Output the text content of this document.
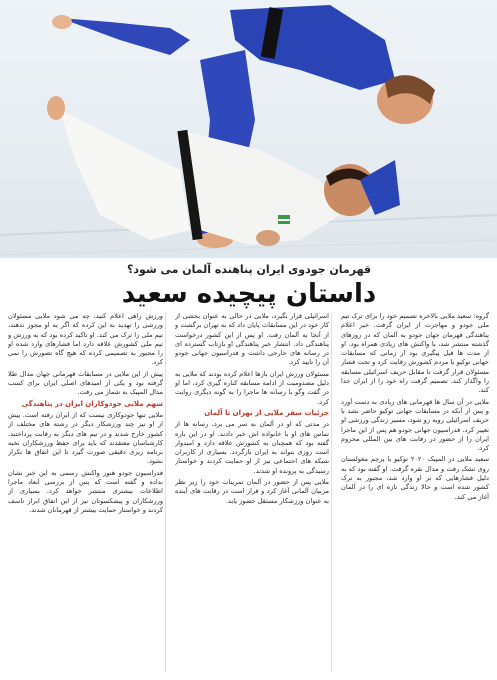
قهرمان جودوی ایران پناهنده آلمان می شود؟
داستان پیچیده سعید

گروه: سعید ملایی بالاخره تصمیم خود را برای ترک تیم ملی جودو و مهاجرت از ایران گرفت. خبر اعلام پناهندگی قهرمان جهان جودو به آلمان که در روزهای گذشته منتشر شد، با واکنش های زیادی همراه بود. او از مدت ها قبل پیگیری بود از زمانی که مسابقات جهانی توکیو با مردم کشورش رقابت کرد و تحت فشار مسئولان قرار گرفت تا مقابل حریف اسرائیلی مسابقه را واگذار کند، تصمیم گرفت راه خود را از ایران جدا کند.

ملایی در آن سال ها قهرمانی های زیادی به دست آورد و پس از آنکه در مسابقات جهانی توکیو حاضر نشد با حریف اسرائیلی روبه رو شود، مسیر زندگی ورزشی او تغییر کرد. فدراسیون جهانی جودو هم پس از این ماجرا ایران را از حضور در رقابت های بین المللی محروم کرد.

سعید ملایی در المپیک ۲۰۲۰ توکیو با پرچم مغولستان روی تشک رفت و مدال نقره گرفت. او گفته بود که به دلیل فشارهایی که بر او وارد شد، مجبور به ترک کشور شده است و حالا زندگی تازه ای را در آلمان آغاز می کند.

اسرائیلی قرار بگیرد، ملایی در حالی به عنوان بخشی از کار خود در این مسابقات پایان داد که به تهران برگشت و از آنجا به آلمان رفت. او پس از این کشور درخواست پناهندگی داد. انتشار خبر پناهندگی او بازتاب گسترده ای در رسانه های خارجی داشت و فدراسیون جهانی جودو آن را تایید کرد.

مسئولان ورزش ایران بارها اعلام کرده بودند که ملایی به دلیل مصدومیت از ادامه مسابقه کناره گیری کرد، اما او در گفت وگو با رسانه ها ماجرا را به گونه دیگری روایت کرد.

جزئیات سفر ملایی از تهران تا آلمان

در مدتی که او در آلمان به سر می برد، رسانه ها از تماس های او با خانواده اش خبر دادند. او در این باره گفته بود که همچنان به کشورش علاقه دارد و امیدوار است روزی بتواند به ایران بازگردد. بسیاری از کاربران شبکه های اجتماعی نیز از او حمایت کردند و خواستار رسیدگی به پرونده او شدند.

ملایی پس از حضور در آلمان تمرینات خود را زیر نظر مربیان آلمانی آغاز کرد و قرار است در رقابت های آینده به عنوان ورزشکار مستقل حضور یابد.

ورزش راهی اعلام کنید، چه می شود ملایی مسئولان ورزشی را تهدید به این کرده که اگر به او مجوز ندهند، تیم ملی را ترک می کند. او تاکید کرده بود که به ورزش و تیم ملی کشورش علاقه دارد اما فشارهای وارد شده او را مجبور به تصمیمی کرده که هیچ گاه تصورش را نمی کرد.

پیش از این ملایی در مسابقات قهرمانی جهان مدال طلا گرفته بود و یکی از امیدهای اصلی ایران برای کسب مدال المپیک به شمار می رفت.

سهم ملایی جودوکاران ایران در پناهندگی

ملایی تنها جودوکاری نیست که از ایران رفته است. پیش از او نیز چند ورزشکار دیگر در رشته های مختلف از کشور خارج شدند و در تیم های دیگر به رقابت پرداختند. کارشناسان معتقدند که باید برای حفظ ورزشکاران نخبه برنامه ریزی دقیقی صورت گیرد تا این اتفاق ها تکرار نشود.

فدراسیون جودو هنوز واکنش رسمی به این خبر نشان نداده و گفته است که پس از بررسی ابعاد ماجرا اطلاعات بیشتری منتشر خواهد کرد. بسیاری از ورزشکاران و پیشکسوتان نیز از این اتفاق ابراز تاسف کردند و خواستار حمایت بیشتر از قهرمانان شدند.
